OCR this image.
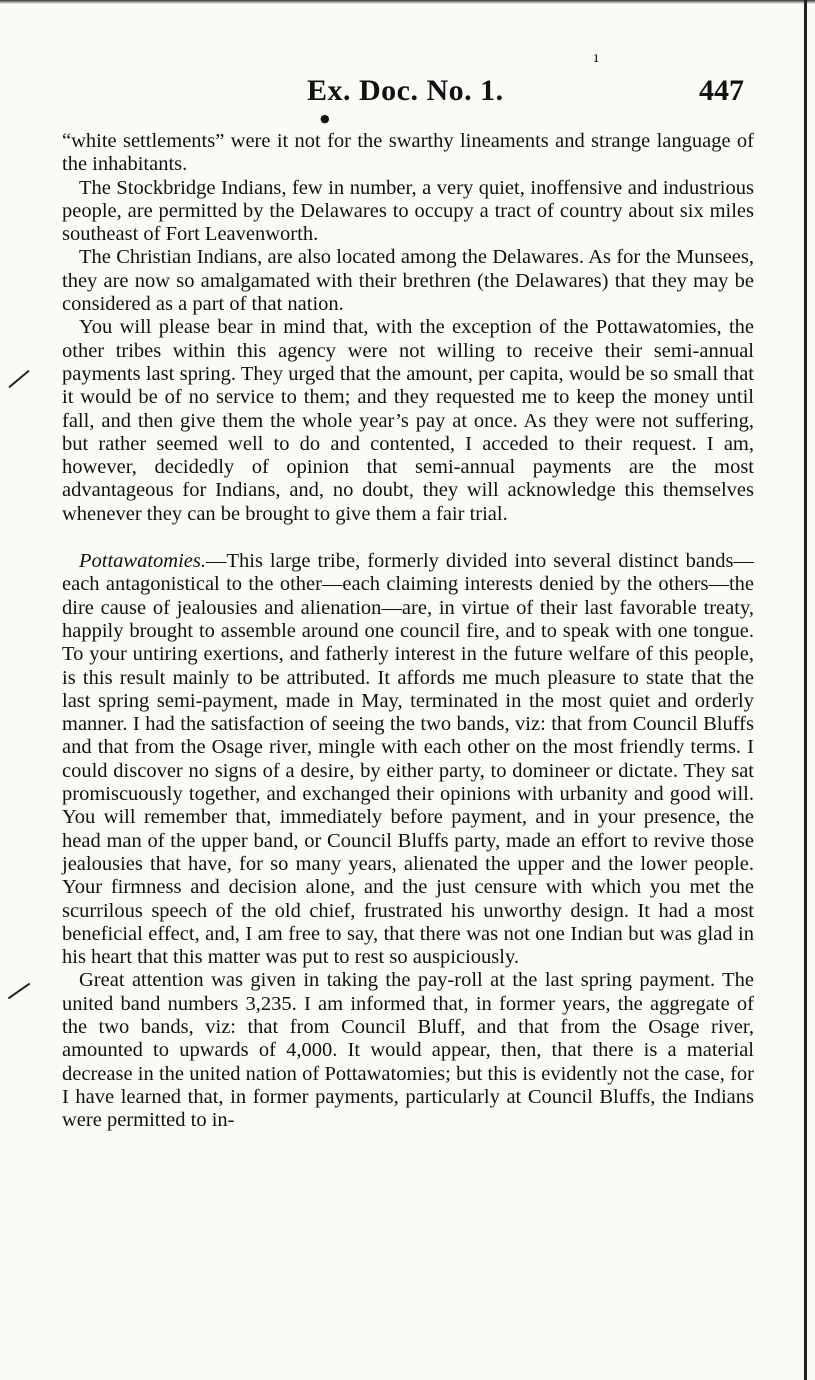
Ex. Doc. No. 1.	447
ı
●

“white settlements” were it not for the swarthy lineaments and strange language of the inhabitants.

The Stockbridge Indians, few in number, a very quiet, inoffensive and industrious people, are permitted by the Delawares to occupy a tract of country about six miles southeast of Fort Leavenworth.

The Christian Indians, are also located among the Delawares. As for the Munsees, they are now so amalgamated with their brethren (the Delawares) that they may be considered as a part of that nation.

You will please bear in mind that, with the exception of the Pottawatomies, the other tribes within this agency were not willing to receive their semi-annual payments last spring. They urged that the amount, per capita, would be so small that it would be of no service to them; and they requested me to keep the money until fall, and then give them the whole year’s pay at once. As they were not suffering, but rather seemed well to do and contented, I acceded to their request. I am, however, decidedly of opinion that semi-annual payments are the most advantageous for Indians, and, no doubt, they will acknowledge this themselves whenever they can be brought to give them a fair trial.

Pottawatomies.—This large tribe, formerly divided into several distinct bands—each antagonistical to the other—each claiming interests denied by the others—the dire cause of jealousies and alienation—are, in virtue of their last favorable treaty, happily brought to assemble around one council fire, and to speak with one tongue. To your untiring exertions, and fatherly interest in the future welfare of this people, is this result mainly to be attributed. It affords me much pleasure to state that the last spring semi-payment, made in May, terminated in the most quiet and orderly manner. I had the satisfaction of seeing the two bands, viz: that from Council Bluffs and that from the Osage river, mingle with each other on the most friendly terms. I could discover no signs of a desire, by either party, to domineer or dictate. They sat promiscuously together, and exchanged their opinions with urbanity and good will. You will remember that, immediately before payment, and in your presence, the head man of the upper band, or Council Bluffs party, made an effort to revive those jealousies that have, for so many years, alienated the upper and the lower people. Your firmness and decision alone, and the just censure with which you met the scurrilous speech of the old chief, frustrated his unworthy design. It had a most beneficial effect, and, I am free to say, that there was not one Indian but was glad in his heart that this matter was put to rest so auspiciously.

Great attention was given in taking the pay-roll at the last spring payment. The united band numbers 3,235. I am informed that, in former years, the aggregate of the two bands, viz: that from Council Bluff, and that from the Osage river, amounted to upwards of 4,000. It would appear, then, that there is a material decrease in the united nation of Pottawatomies; but this is evidently not the case, for I have learned that, in former payments, particularly at Council Bluffs, the Indians were permitted to in-
